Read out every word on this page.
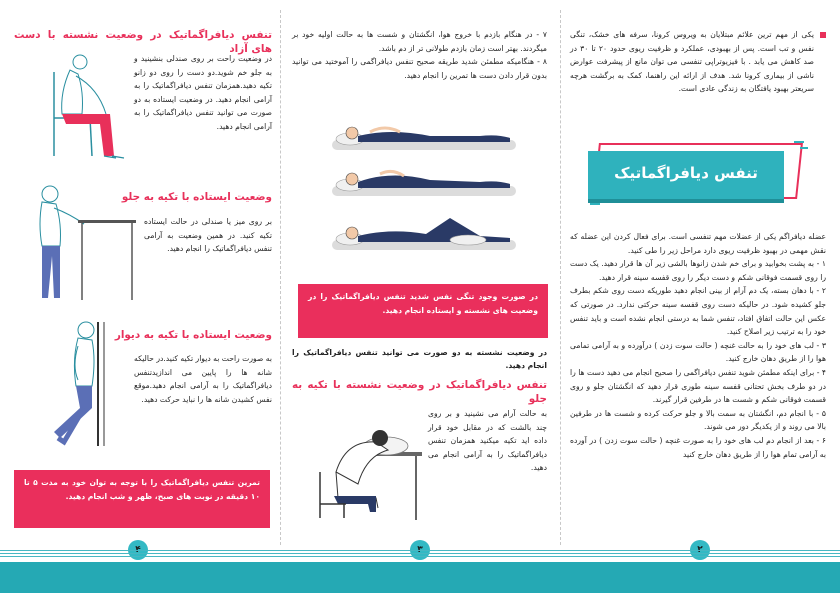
یکی از مهم ترین علائم مبتلایان به ویروس کرونا، سرفه های خشک، تنگی نفس و تب است. پس از بهبودی، عملکرد و ظرفیت ریوی حدود ۲۰ تا ۳۰ در صد کاهش می یابد . با فیزیوتراپی تنفسی می توان مانع از پیشرفت عوارض ناشی از بیماری کرونا شد. هدف از ارائه این راهنما، کمک به برگشت هرچه سریعتر بهبود یافتگان به زندگی عادی است.

تنفس دیافراگماتیک

عضله دیافراگم یکی از عضلات مهم تنفسی است. برای فعال کردن این عضله که نقش مهمی در بهبود ظرفیت ریوی دارد مراحل زیر را طی کنید.

۱ - به پشت بخوابید و برای خم شدن زانوها بالشی زیر آن ها قرار دهید. یک دست را روی قسمت فوقانی شکم و دست دیگر را روی قفسه سینه قرار دهید.

۲ - با دهان بسته، یک دم آرام از بینی انجام دهید طوریکه دست روی شکم بطرف جلو کشیده شود. در حالیکه دست روی قفسه سینه حرکتی ندارد. در صورتی که عکس این حالت اتفاق افتاد، تنفس شما به درستی انجام نشده است و باید تنفس خود را به ترتیب زیر اصلاح کنید.

۳ - لب های خود را به حالت غنچه ( حالت سوت زدن ) درآورده و به آرامی تمامی هوا را از طریق دهان خارج کنید.

۴ - برای اینکه مطمئن شوید تنفس دیافراگمی را صحیح انجام می دهید دست ها را در دو طرف بخش تحتانی قفسه سینه طوری قرار دهید که انگشتان جلو و روی قسمت فوقانی شکم و شست ها در طرفین قرار گیرند.

۵ - با انجام دم، انگشتان به سمت بالا و جلو حرکت کرده و شست ها در طرفین بالا می روند و از یکدیگر دور می شوند.

۶ - بعد از انجام دم لب های خود را به صورت غنچه ( حالت سوت زدن ) در آورده به آرامی تمام هوا را از طریق دهان خارج کنید

۷ - در هنگام بازدم با خروج هوا، انگشتان و شست ها به حالت اولیه خود بر میگردند. بهتر است زمان بازدم طولانی تر از دم باشد.

۸ - هنگامیکه مطمئن شدید طریقه صحیح تنفس دیافراگمی را آموختید می توانید بدون قرار دادن دست ها تمرین را انجام دهید.

در صورت وجود تنگی نفس شدید تنفس دیافراگماتیک را در وضعیت های نشسته و ایستاده انجام دهید.
در وضعیت نشسته به دو صورت می توانید تنفس دیافراگماتیک را انجام دهید.
تنفس دیافراگماتیک در وضعیت نشسته با تکیه به جلو

به حالت آرام می نشینید و بر روی چند بالشت که در مقابل خود قرار داده اید تکیه میکنید همزمان تنفس دیافراگماتیک را به آرامی انجام می دهید.

تنفس دیافراگماتیک در وضعیت نشسته با دست های آزاد

در وضعیت راحت بر روی صندلی بنشینید و به جلو خم شوید.دو دست را روی دو زانو تکیه دهید.همزمان تنفس دیافراگماتیک را به آرامی انجام دهید. در وضعیت ایستاده به دو صورت می توانید تنفس دیافراگماتیک را به آرامی انجام دهید.

وضعیت ایستاده با تکیه به جلو

بر روی میز یا صندلی در حالت ایستاده تکیه کنید. در همین وضعیت به آرامی تنفس دیافراگماتیک را انجام دهید.

وضعیت ایستاده با تکیه به دیوار

به صورت راحت به دیوار تکیه کنید.در حالیکه شانه ها را پایین می اندازیدتنفس دیافراگماتیک را به آرامی انجام دهید.موقع نفس کشیدن شانه ها را نباید حرکت دهید.

تمرین تنفس دیافراگماتیک را با توجه به توان خود به مدت ۵ تا ۱۰ دقیقه در نوبت های صبح، ظهر و شب انجام دهید.
